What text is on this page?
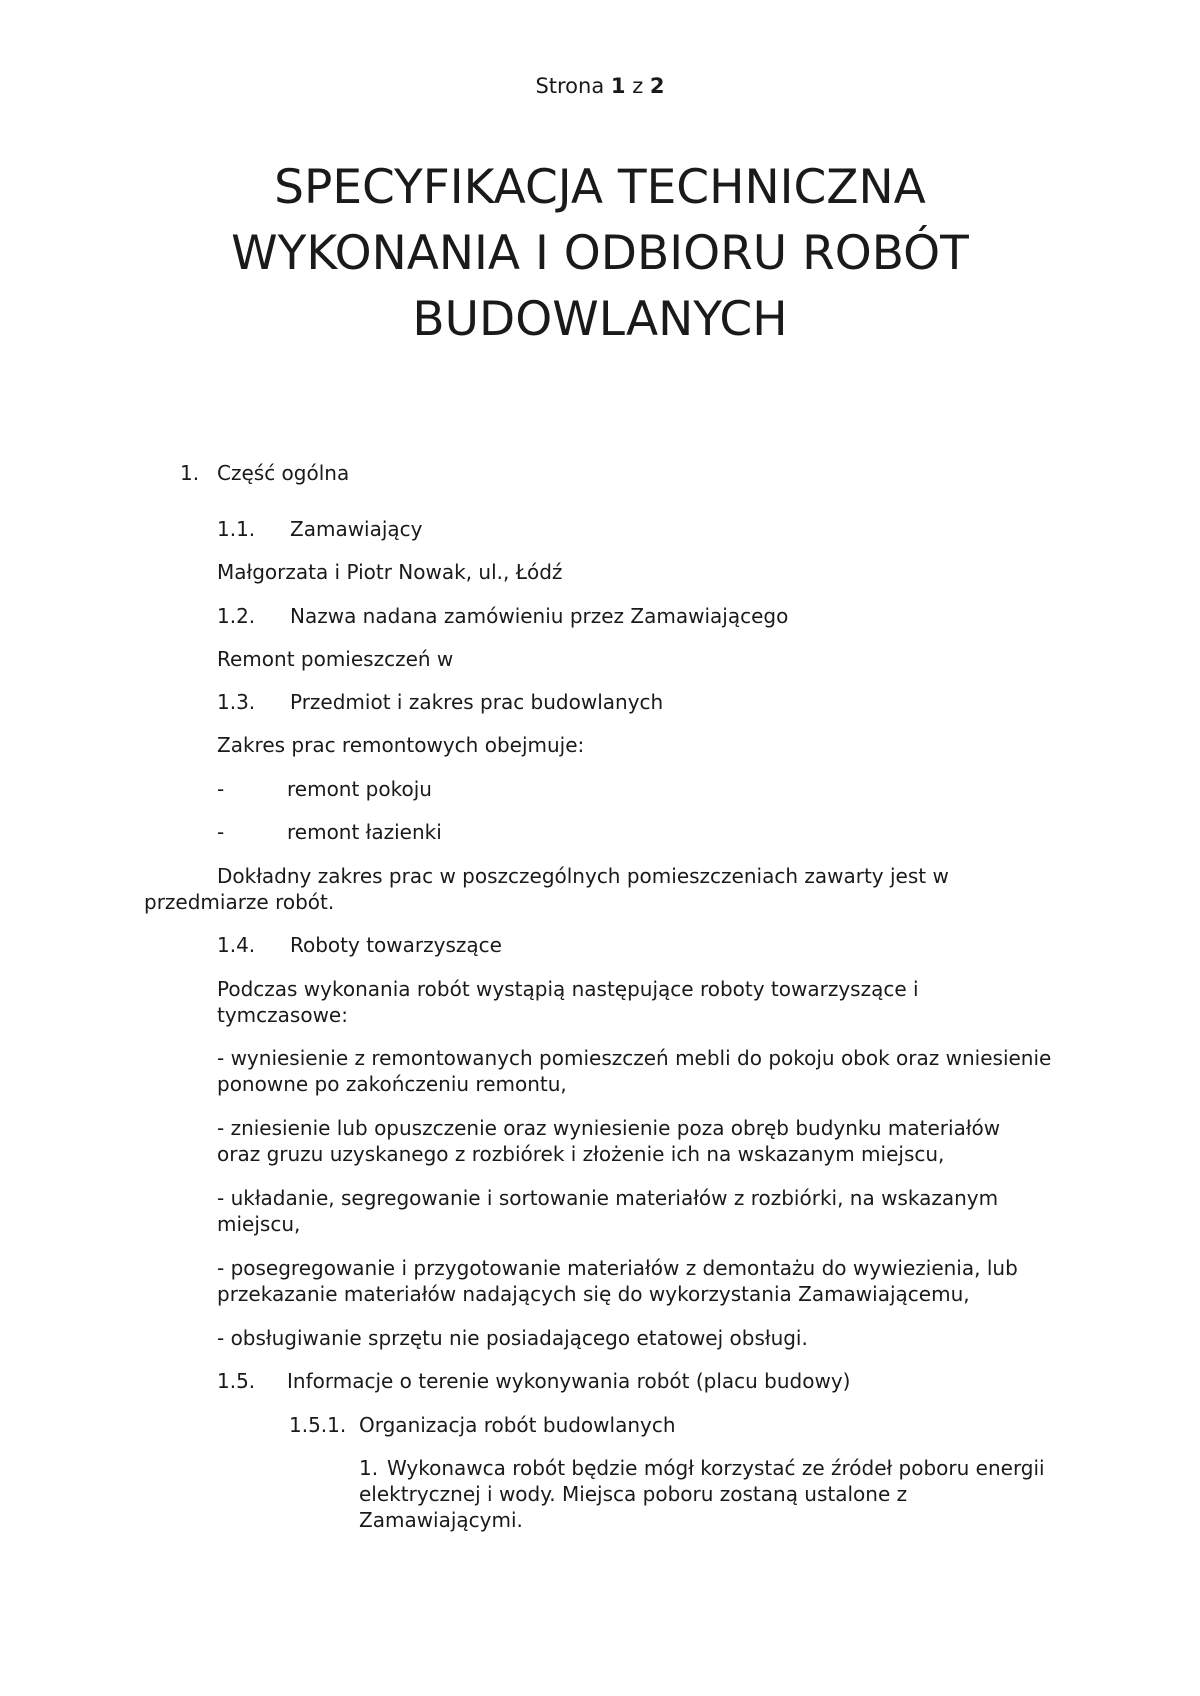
Strona 1 z 2
SPECYFIKACJA TECHNICZNA
WYKONANIA I ODBIORU ROBÓT
BUDOWLANYCH
1. Część ogólna
1.1. Zamawiający
Małgorzata i Piotr Nowak, ul., Łódź
1.2. Nazwa nadana zamówieniu przez Zamawiającego
Remont pomieszczeń w
1.3. Przedmiot i zakres prac budowlanych
Zakres prac remontowych obejmuje:
-	remont pokoju
-	remont łazienki
Dokładny zakres prac w poszczególnych pomieszczeniach zawarty jest w
przedmiarze robót.
1.4. Roboty towarzyszące
Podczas wykonania robót wystąpią następujące roboty towarzyszące i
tymczasowe:
- wyniesienie z remontowanych pomieszczeń mebli do pokoju obok oraz wniesienie
ponowne po zakończeniu remontu,
- zniesienie lub opuszczenie oraz wyniesienie poza obręb budynku materiałów
oraz gruzu uzyskanego z rozbiórek i złożenie ich na wskazanym miejscu,
- układanie, segregowanie i sortowanie materiałów z rozbiórki, na wskazanym
miejscu,
- posegregowanie i przygotowanie materiałów z demontażu do wywiezienia, lub
przekazanie materiałów nadających się do wykorzystania Zamawiającemu,
- obsługiwanie sprzętu nie posiadającego etatowej obsługi.
1.5. Informacje o terenie wykonywania robót (placu budowy)
1.5.1. Organizacja robót budowlanych
1. Wykonawca robót będzie mógł korzystać ze źródeł poboru energii
elektrycznej i wody. Miejsca poboru zostaną ustalone z
Zamawiającymi.
